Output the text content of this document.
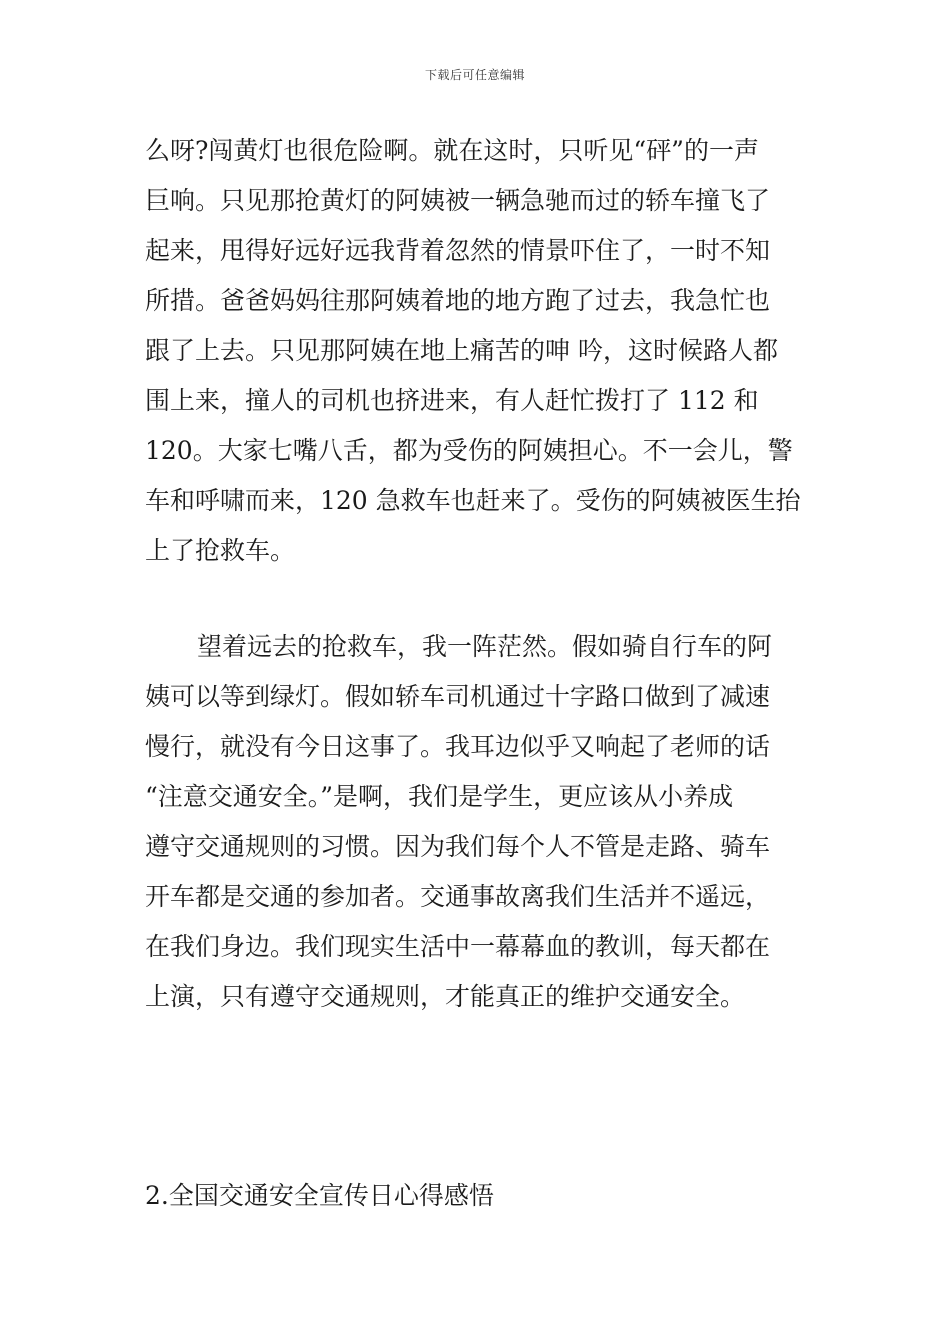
下载后可任意编辑
么呀?闯黄灯也很危险啊。就在这时，只听见“砰”的一声
巨响。只见那抢黄灯的阿姨被一辆急驰而过的轿车撞飞了
起来，甩得好远好远我背着忽然的情景吓住了，一时不知
所措。爸爸妈妈往那阿姨着地的地方跑了过去，我急忙也
跟了上去。只见那阿姨在地上痛苦的呻 吟，这时候路人都
围上来，撞人的司机也挤进来，有人赶忙拨打了 112 和
120。大家七嘴八舌，都为受伤的阿姨担心。不一会儿，警
车和呼啸而来，120 急救车也赶来了。受伤的阿姨被医生抬
上了抢救车。
望着远去的抢救车，我一阵茫然。假如骑自行车的阿
姨可以等到绿灯。假如轿车司机通过十字路口做到了减速
慢行，就没有今日这事了。我耳边似乎又响起了老师的话
“注意交通安全。”是啊，我们是学生，更应该从小养成
遵守交通规则的习惯。因为我们每个人不管是走路、骑车
开车都是交通的参加者。交通事故离我们生活并不遥远，
在我们身边。我们现实生活中一幕幕血的教训，每天都在
上演，只有遵守交通规则，才能真正的维护交通安全。
2.全国交通安全宣传日心得感悟
